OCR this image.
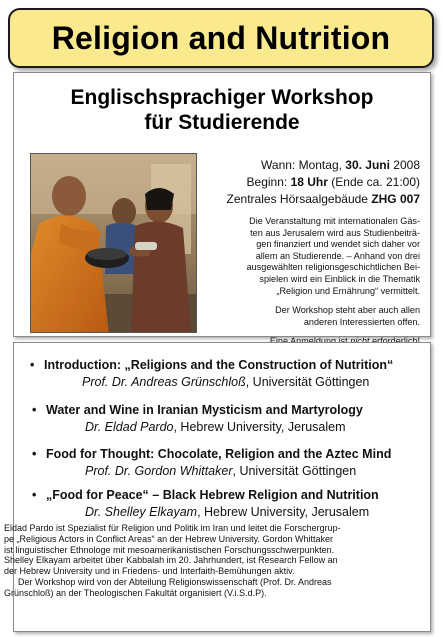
Religion and Nutrition
Englischsprachiger Workshop
für Studierende
Wann: Montag, 30. Juni 2008
Beginn: 18 Uhr (Ende ca. 21:00)
Zentrales Hörsaalgebäude ZHG 007
Die Veranstaltung mit internationalen Gäs-
ten aus Jerusalem wird aus Studienbeiträ-
gen finanziert und wendet sich daher vor
allem an Studierende. – Anhand von drei
ausgewählten religionsgeschichtlichen Bei-
spielen wird ein Einblick in die Thematik
„Religion und Ernährung“ vermittelt.
Der Workshop steht aber auch allen
anderen Interessierten offen.
• Introduction: „Religions and the Construction of Nutrition“
Prof. Dr. Andreas Grünschloß, Universität Göttingen
• Water and Wine in Iranian Mysticism and Martyrology
Dr. Eldad Pardo, Hebrew University, Jerusalem
• Food for Thought: Chocolate, Religion and the Aztec Mind
Prof. Dr. Gordon Whittaker, Universität Göttingen
• „Food for Peace“ – Black Hebrew Religion and Nutrition
Dr. Shelley Elkayam, Hebrew University, Jerusalem
Eldad Pardo ist Spezialist für Religion und Politik im Iran und leitet die Forschergrup-
pe „Religious Actors in Conflict Areas“ an der Hebrew University. Gordon Whittaker
ist linguistischer Ethnologe mit mesoamerikanistischen Forschungsschwerpunkten.
Shelley Elkayam arbeitet über Kabbalah im 20. Jahrhundert, ist Research Fellow an
der Hebrew University und in Friedens- und Interfaith-Bemühungen aktiv.
Der Workshop wird von der Abteilung Religionswissenschaft (Prof. Dr. Andreas
Grünschloß) an der Theologischen Fakultät organisiert (V.i.S.d.P).
